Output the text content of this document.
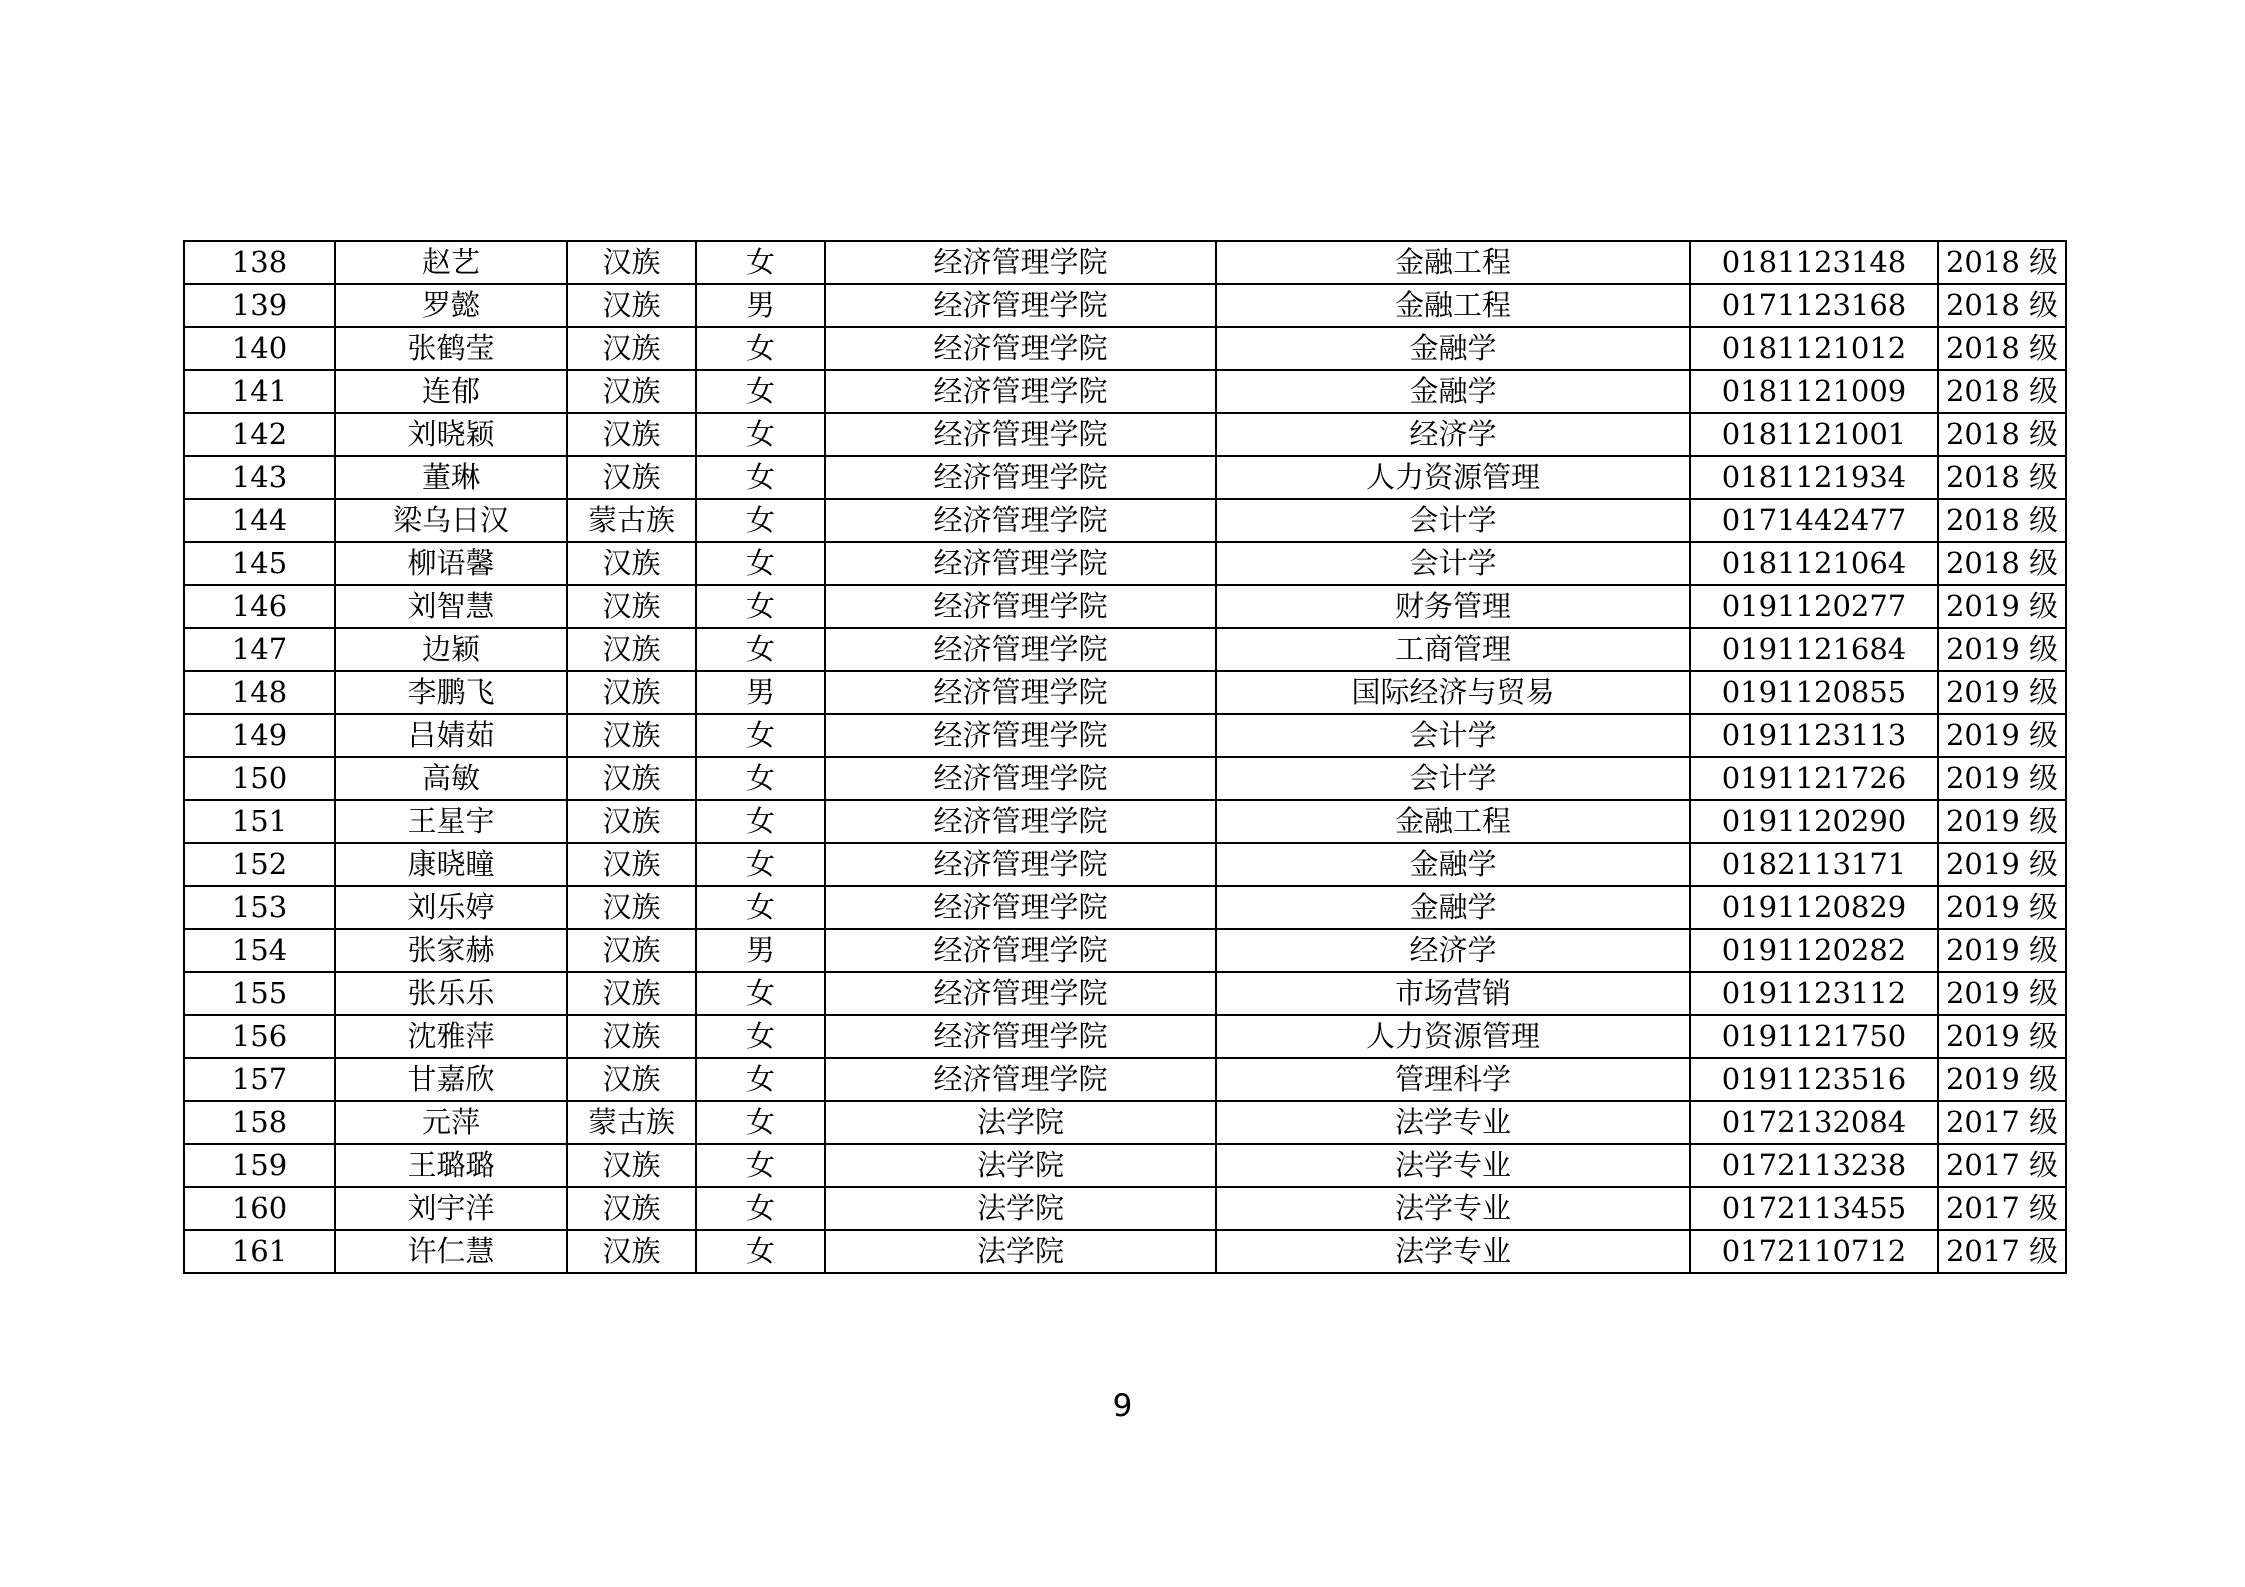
138	赵艺	汉族	女	经济管理学院	金融工程	0181123148	2018 级
139	罗懿	汉族	男	经济管理学院	金融工程	0171123168	2018 级
140	张鹤莹	汉族	女	经济管理学院	金融学	0181121012	2018 级
141	连郁	汉族	女	经济管理学院	金融学	0181121009	2018 级
142	刘晓颖	汉族	女	经济管理学院	经济学	0181121001	2018 级
143	董琳	汉族	女	经济管理学院	人力资源管理	0181121934	2018 级
144	梁乌日汉	蒙古族	女	经济管理学院	会计学	0171442477	2018 级
145	柳语馨	汉族	女	经济管理学院	会计学	0181121064	2018 级
146	刘智慧	汉族	女	经济管理学院	财务管理	0191120277	2019 级
147	边颖	汉族	女	经济管理学院	工商管理	0191121684	2019 级
148	李鹏飞	汉族	男	经济管理学院	国际经济与贸易	0191120855	2019 级
149	吕婧茹	汉族	女	经济管理学院	会计学	0191123113	2019 级
150	高敏	汉族	女	经济管理学院	会计学	0191121726	2019 级
151	王星宇	汉族	女	经济管理学院	金融工程	0191120290	2019 级
152	康晓瞳	汉族	女	经济管理学院	金融学	0182113171	2019 级
153	刘乐婷	汉族	女	经济管理学院	金融学	0191120829	2019 级
154	张家赫	汉族	男	经济管理学院	经济学	0191120282	2019 级
155	张乐乐	汉族	女	经济管理学院	市场营销	0191123112	2019 级
156	沈雅萍	汉族	女	经济管理学院	人力资源管理	0191121750	2019 级
157	甘嘉欣	汉族	女	经济管理学院	管理科学	0191123516	2019 级
158	元萍	蒙古族	女	法学院	法学专业	0172132084	2017 级
159	王璐璐	汉族	女	法学院	法学专业	0172113238	2017 级
160	刘宇洋	汉族	女	法学院	法学专业	0172113455	2017 级
161	许仁慧	汉族	女	法学院	法学专业	0172110712	2017 级
9
